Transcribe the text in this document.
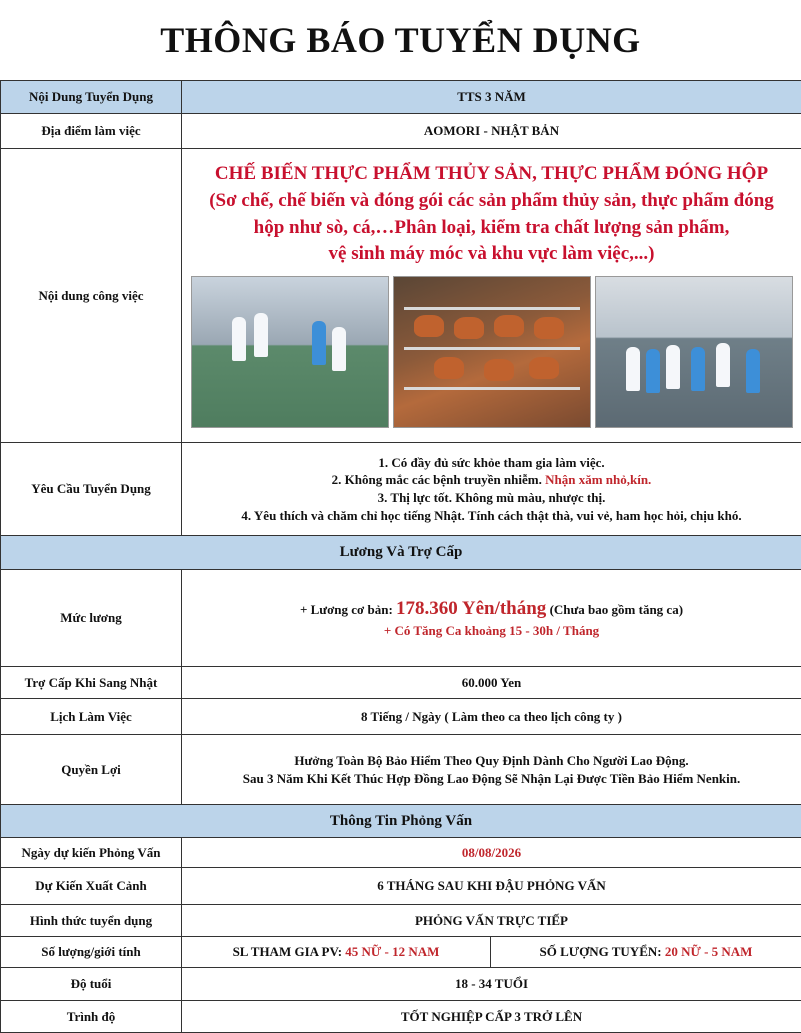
THÔNG BÁO TUYỂN DỤNG
Nội Dung Tuyển Dụng	TTS 3 NĂM	
Địa điểm làm việc	AOMORI - NHẬT BẢN	
Nội dung công việc	CHẾ BIẾN THỰC PHẨM THỦY SẢN, THỰC PHẨM ĐÓNG HỘP
(Sơ chế, chế biến và đóng gói các sản phẩm thủy sản, thực phẩm đóng
hộp như sò, cá,…Phân loại, kiểm tra chất lượng sản phẩm,
vệ sinh máy móc và khu vực làm việc,...)	

Yêu Cầu Tuyển Dụng	1. Có đầy đủ sức khỏe tham gia làm việc.
2. Không mắc các bệnh truyền nhiễm. Nhận xăm nhỏ,kín.
3. Thị lực tốt. Không mù màu, nhược thị.
4. Yêu thích và chăm chỉ học tiếng Nhật. Tính cách thật thà, vui vẻ, ham học hỏi, chịu khó.	

Lương Và Trợ Cấp		
Mức lương	+ Lương cơ bản: 178.360 Yên/tháng (Chưa bao gồm tăng ca)
+ Có Tăng Ca khoảng 15 - 30h / Tháng	

Trợ Cấp Khi Sang Nhật	60.000 Yen	
Lịch Làm Việc	8 Tiếng / Ngày ( Làm theo ca theo lịch công ty )	
Quyền Lợi	Hưởng Toàn Bộ Bảo Hiểm Theo Quy Định Dành Cho Người Lao Động.
Sau 3 Năm Khi Kết Thúc Hợp Đồng Lao Động Sẽ Nhận Lại Được Tiền Bảo Hiểm Nenkin.	

Thông Tin Phỏng Vấn		
Ngày dự kiến Phỏng Vấn	08/08/2026	
Dự Kiến Xuất Cảnh	6 THÁNG SAU KHI ĐẬU PHỎNG VẤN	
Hình thức tuyển dụng	PHỎNG VẤN TRỰC TIẾP	
Số lượng/giới tính	SL THAM GIA PV: 45 NỮ - 12 NAM	SỐ LƯỢNG TUYỂN: 20 NỮ - 5 NAM
Độ tuổi	18 - 34 TUỔI	
Trình độ	TỐT NGHIỆP CẤP 3 TRỞ LÊN	
